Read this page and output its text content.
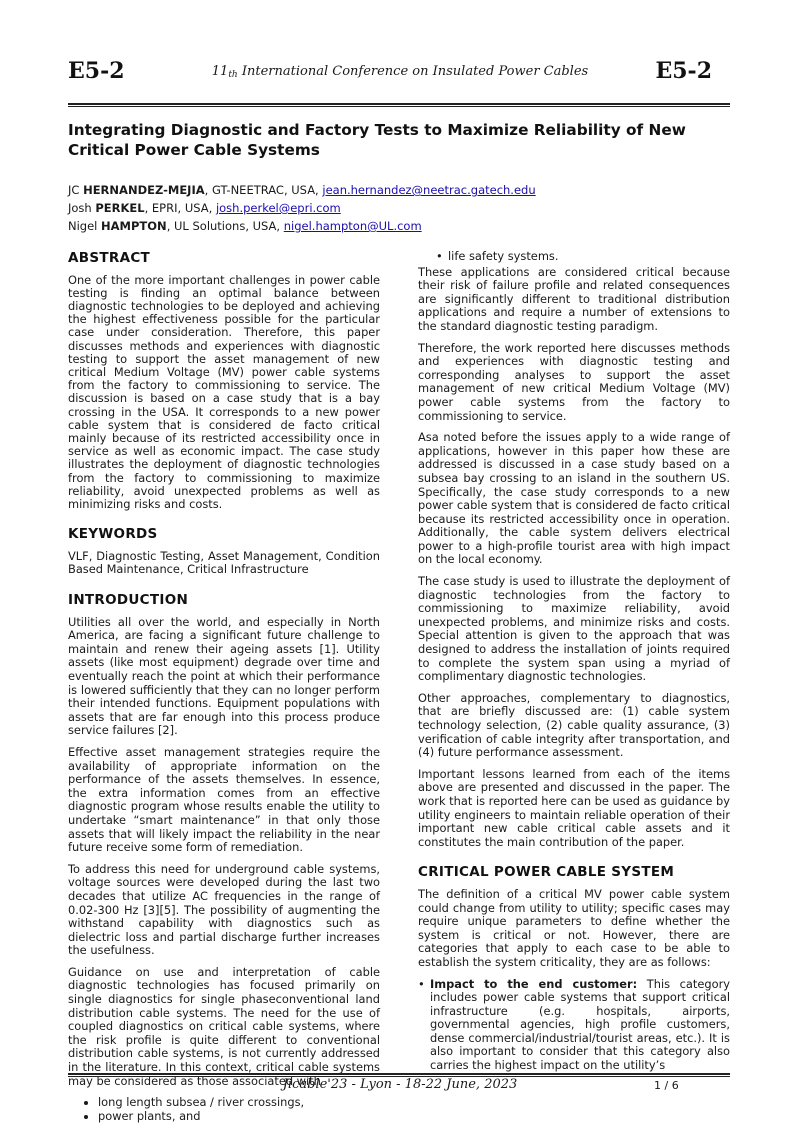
E5-2	$11_{th}$ International Conference on Insulated Power Cables	E5-2
Integrating Diagnostic and Factory Tests to Maximize Reliability of New Critical Power Cable Systems
JC HERNANDEZ-MEJIA, GT-NEETRAC, USA, jean.hernandez@neetrac.gatech.edu
Josh PERKEL, EPRI, USA, josh.perkel@epri.com
Nigel HAMPTON, UL Solutions, USA, nigel.hampton@UL.com
ABSTRACT

One of the more important challenges in power cable testing is finding an optimal balance between diagnostic technologies to be deployed and achieving the highest effectiveness possible for the particular case under consideration. Therefore, this paper discusses methods and experiences with diagnostic testing to support the asset management of new critical Medium Voltage (MV) power cable systems from the factory to commissioning to service. The discussion is based on a case study that is a bay crossing in the USA. It corresponds to a new power cable system that is considered de facto critical mainly because of its restricted accessibility once in service as well as economic impact. The case study illustrates the deployment of diagnostic technologies from the factory to commissioning to maximize reliability, avoid unexpected problems as well as minimizing risks and costs.

KEYWORDS

VLF, Diagnostic Testing, Asset Management, Condition Based Maintenance, Critical Infrastructure

INTRODUCTION

Utilities all over the world, and especially in North America, are facing a significant future challenge to maintain and renew their ageing assets [1]. Utility assets (like most equipment) degrade over time and eventually reach the point at which their performance is lowered sufficiently that they can no longer perform their intended functions. Equipment populations with assets that are far enough into this process produce service failures [2].

Effective asset management strategies require the availability of appropriate information on the performance of the assets themselves. In essence, the extra information comes from an effective diagnostic program whose results enable the utility to undertake “smart maintenance” in that only those assets that will likely impact the reliability in the near future receive some form of remediation.

To address this need for underground cable systems, voltage sources were developed during the last two decades that utilize AC frequencies in the range of 0.02-300 Hz [3][5]. The possibility of augmenting the withstand capability with diagnostics such as dielectric loss and partial discharge further increases the usefulness.

Guidance on use and interpretation of cable diagnostic technologies has focused primarily on single diagnostics for single phaseconventional land distribution cable systems. The need for the use of coupled diagnostics on critical cable systems, where the risk profile is quite different to conventional distribution cable systems, is not currently addressed in the literature. In this context, critical cable systems may be considered as those associated with

• long length subsea / river crossings,
• power plants, and
• life safety systems.

These applications are considered critical because their risk of failure profile and related consequences are significantly different to traditional distribution applications and require a number of extensions to the standard diagnostic testing paradigm.

Therefore, the work reported here discusses methods and experiences with diagnostic testing and corresponding analyses to support the asset management of new critical Medium Voltage (MV) power cable systems from the factory to commissioning to service.

Asa noted before the issues apply to a wide range of applications, however in this paper how these are addressed is discussed in a case study based on a subsea bay crossing to an island in the southern US. Specifically, the case study corresponds to a new power cable system that is considered de facto critical because its restricted accessibility once in operation. Additionally, the cable system delivers electrical power to a high-profile tourist area with high impact on the local economy.

The case study is used to illustrate the deployment of diagnostic technologies from the factory to commissioning to maximize reliability, avoid unexpected problems, and minimize risks and costs. Special attention is given to the approach that was designed to address the installation of joints required to complete the system span using a myriad of complimentary diagnostic technologies.

Other approaches, complementary to diagnostics, that are briefly discussed are: (1) cable system technology selection, (2) cable quality assurance, (3) verification of cable integrity after transportation, and (4) future performance assessment.

Important lessons learned from each of the items above are presented and discussed in the paper. The work that is reported here can be used as guidance by utility engineers to maintain reliable operation of their important new cable critical cable assets and it constitutes the main contribution of the paper.

CRITICAL POWER CABLE SYSTEM

The definition of a critical MV power cable system could change from utility to utility; specific cases may require unique parameters to define whether the system is critical or not. However, there are categories that apply to each case to be able to establish the system criticality, they are as follows:

• Impact to the end customer: This category includes power cable systems that support critical infrastructure (e.g. hospitals, airports, governmental agencies, high profile customers, dense commercial/industrial/tourist areas, etc.). It is also important to consider that this category also carries the highest impact on the utility’s
Jicable'23 - Lyon - 18-22 June, 2023	1 / 6
